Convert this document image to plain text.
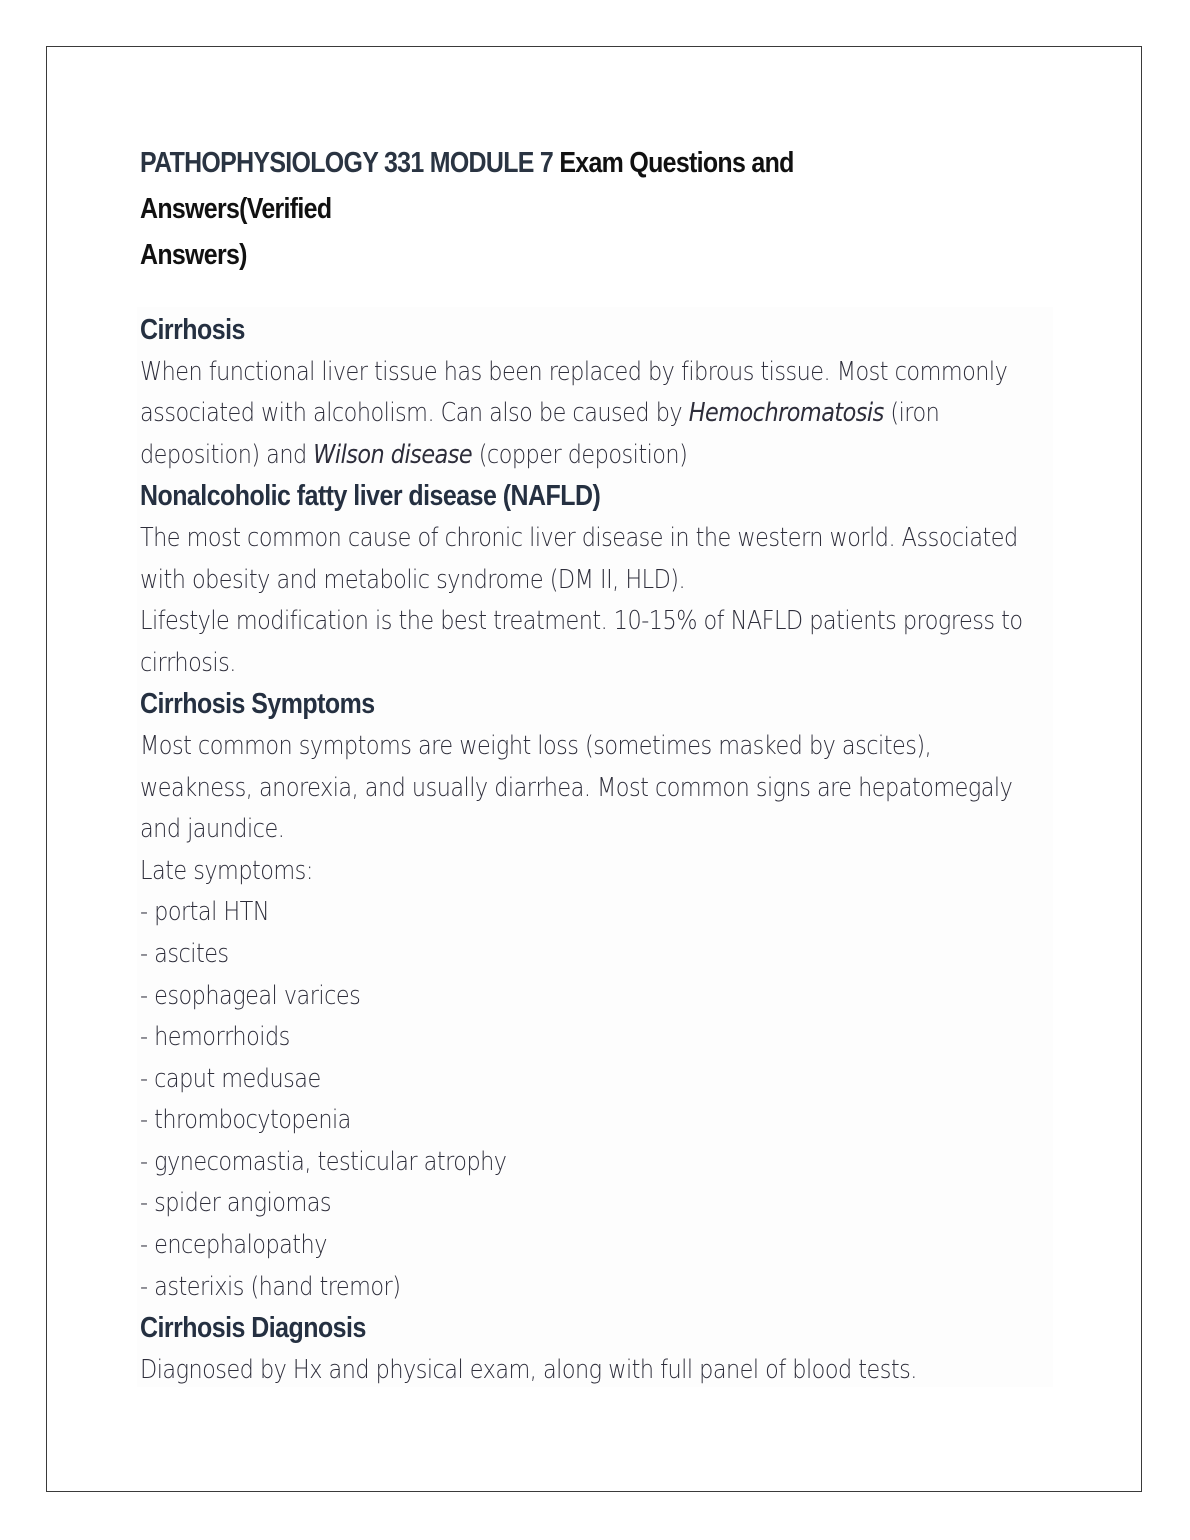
PATHOPHYSIOLOGY 331 MODULE 7 Exam Questions and Answers(Verified
Answers)
Cirrhosis
When functional liver tissue has been replaced by fibrous tissue. Most commonly
associated with alcoholism. Can also be caused by Hemochromatosis (iron
deposition) and Wilson disease (copper deposition)
Nonalcoholic fatty liver disease (NAFLD)
The most common cause of chronic liver disease in the western world. Associated
with obesity and metabolic syndrome (DM II, HLD).
Lifestyle modification is the best treatment. 10-15% of NAFLD patients progress to
cirrhosis.
Cirrhosis Symptoms
Most common symptoms are weight loss (sometimes masked by ascites),
weakness, anorexia, and usually diarrhea. Most common signs are hepatomegaly
and jaundice.
Late symptoms:
- portal HTN
- ascites
- esophageal varices
- hemorrhoids
- caput medusae
- thrombocytopenia
- gynecomastia, testicular atrophy
- spider angiomas
- encephalopathy
- asterixis (hand tremor)
Cirrhosis Diagnosis
Diagnosed by Hx and physical exam, along with full panel of blood tests.
